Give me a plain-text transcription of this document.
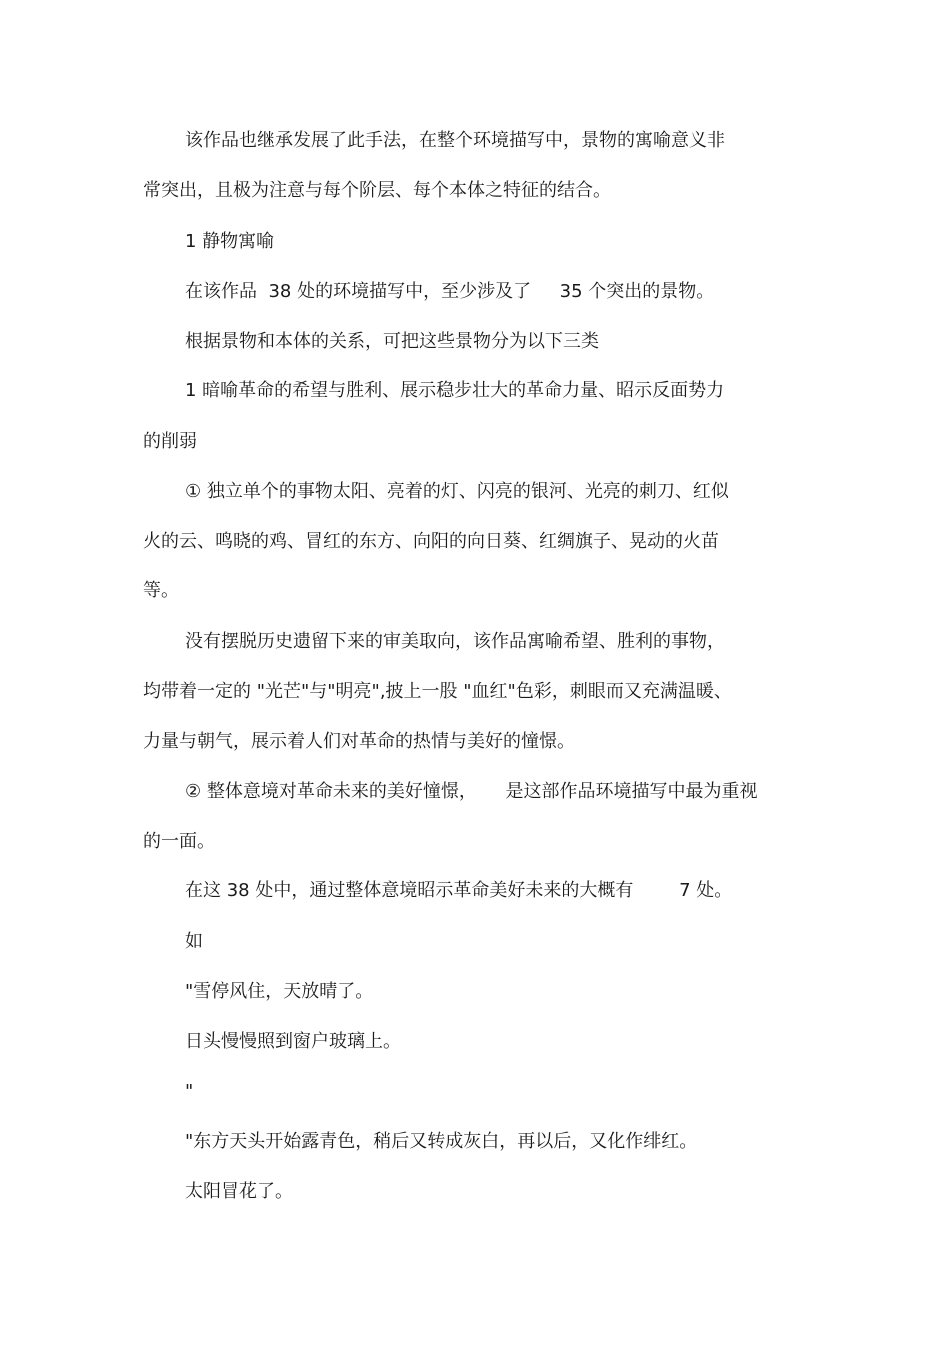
该作品也继承发展了此手法，在整个环境描写中，景物的寓喻意义非
常突出，且极为注意与每个阶层、每个本体之特征的结合。
1 静物寓喻
在该作品  38 处的环境描写中，至少涉及了     35 个突出的景物。
根据景物和本体的关系，可把这些景物分为以下三类
1 暗喻革命的希望与胜利、展示稳步壮大的革命力量、昭示反面势力
的削弱
① 独立单个的事物太阳、亮着的灯、闪亮的银河、光亮的刺刀、红似
火的云、鸣晓的鸡、冒红的东方、向阳的向日葵、红绸旗子、晃动的火苗
等。
没有摆脱历史遗留下来的审美取向，该作品寓喻希望、胜利的事物，
均带着一定的 "光芒"与"明亮",披上一股 "血红"色彩，刺眼而又充满温暖、
力量与朝气，展示着人们对革命的热情与美好的憧憬。
② 整体意境对革命未来的美好憧憬，     是这部作品环境描写中最为重视
的一面。
在这 38 处中，通过整体意境昭示革命美好未来的大概有        7 处。
如
"雪停风住，天放晴了。
日头慢慢照到窗户玻璃上。
"
"东方天头开始露青色，稍后又转成灰白，再以后，又化作绯红。
太阳冒花了。
